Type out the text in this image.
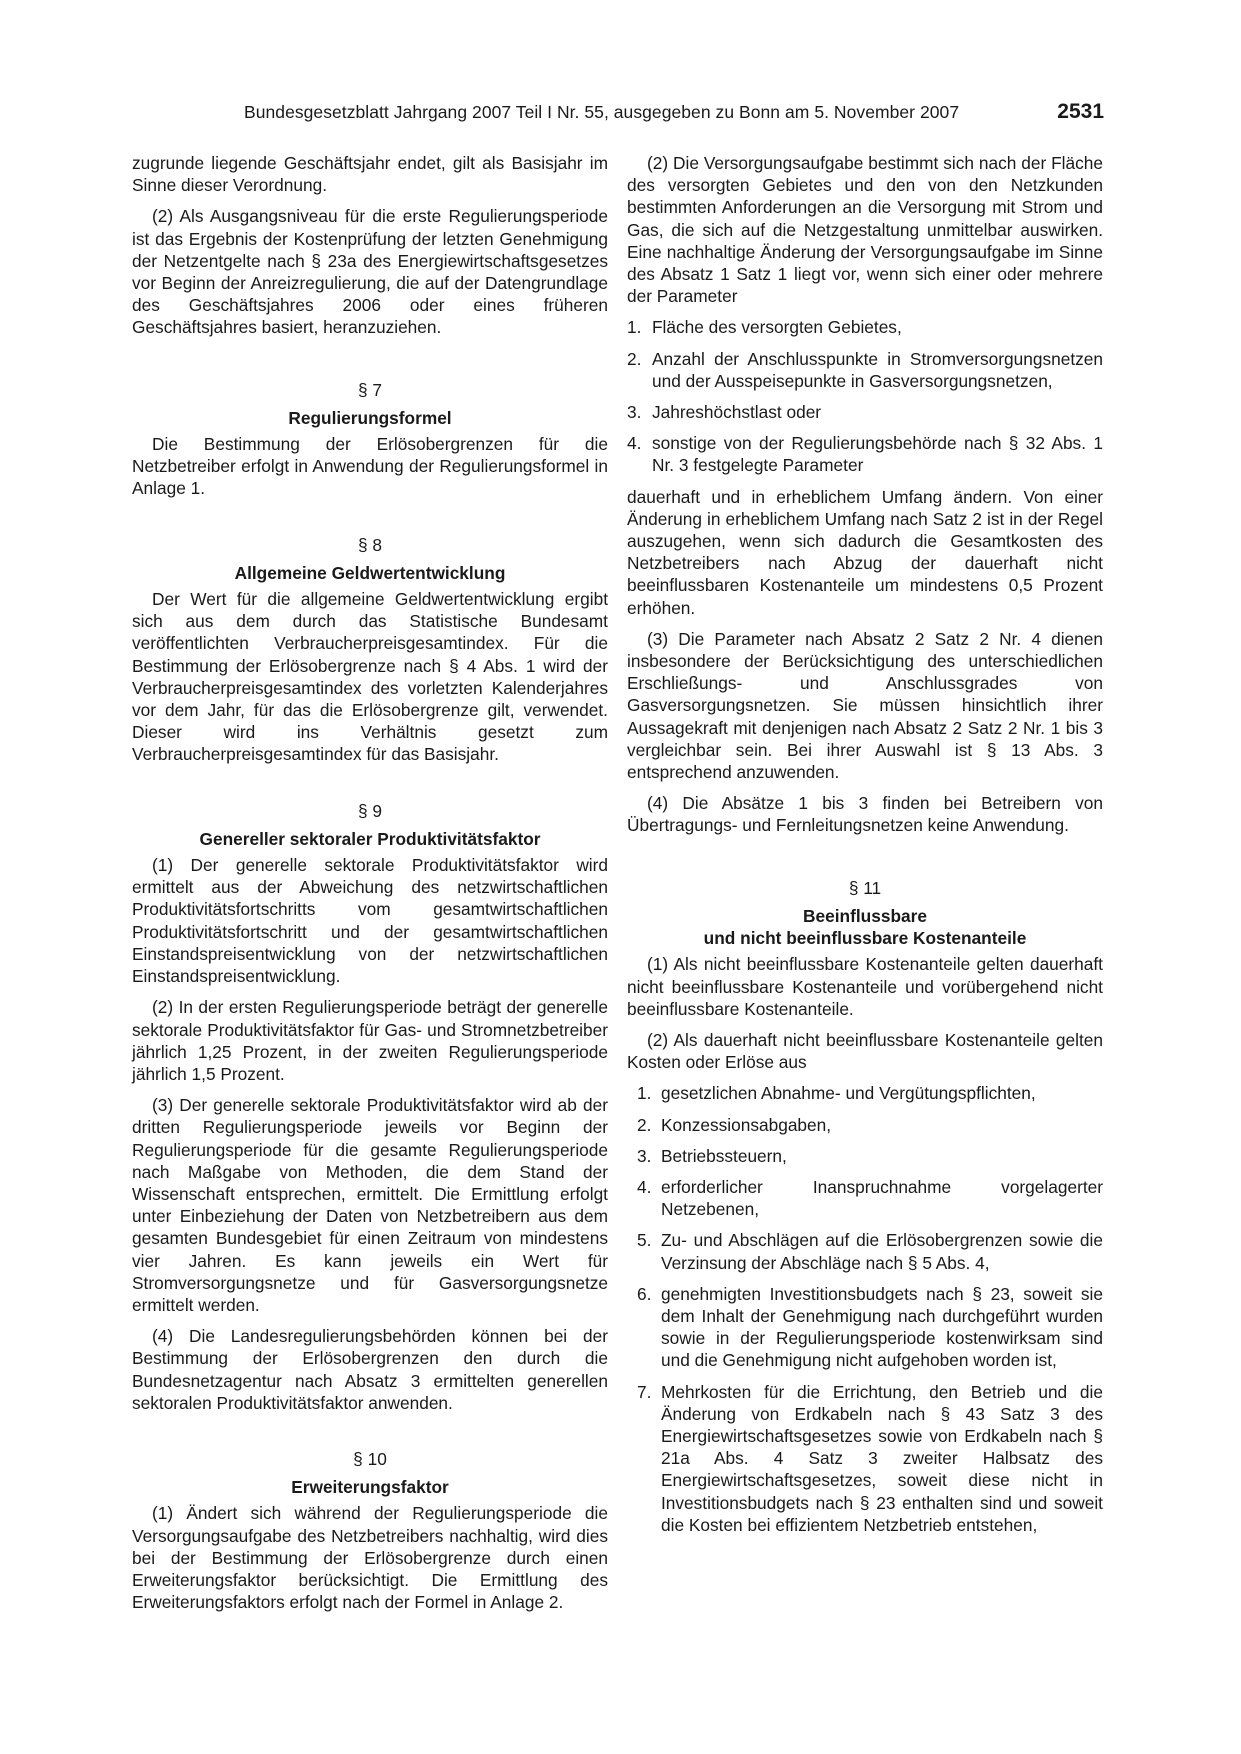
Bundesgesetzblatt Jahrgang 2007 Teil I Nr. 55, ausgegeben zu Bonn am 5. November 2007	2531

zugrunde liegende Geschäftsjahr endet, gilt als Basisjahr im Sinne dieser Verordnung.

(2) Als Ausgangsniveau für die erste Regulierungsperiode ist das Ergebnis der Kostenprüfung der letzten Genehmigung der Netzentgelte nach § 23a des Energiewirtschaftsgesetzes vor Beginn der Anreizregulierung, die auf der Datengrundlage des Geschäftsjahres 2006 oder eines früheren Geschäftsjahres basiert, heranzuziehen.

§ 7
Regulierungsformel

Die Bestimmung der Erlösobergrenzen für die Netzbetreiber erfolgt in Anwendung der Regulierungsformel in Anlage 1.

§ 8
Allgemeine Geldwertentwicklung

Der Wert für die allgemeine Geldwertentwicklung ergibt sich aus dem durch das Statistische Bundesamt veröffentlichten Verbraucherpreisgesamtindex. Für die Bestimmung der Erlösobergrenze nach § 4 Abs. 1 wird der Verbraucherpreisgesamtindex des vorletzten Kalenderjahres vor dem Jahr, für das die Erlösobergrenze gilt, verwendet. Dieser wird ins Verhältnis gesetzt zum Verbraucherpreisgesamtindex für das Basisjahr.

§ 9
Genereller sektoraler Produktivitätsfaktor

(1) Der generelle sektorale Produktivitätsfaktor wird ermittelt aus der Abweichung des netzwirtschaftlichen Produktivitätsfortschritts vom gesamtwirtschaftlichen Produktivitätsfortschritt und der gesamtwirtschaftlichen Einstandspreisentwicklung von der netzwirtschaftlichen Einstandspreisentwicklung.

(2) In der ersten Regulierungsperiode beträgt der generelle sektorale Produktivitätsfaktor für Gas- und Stromnetzbetreiber jährlich 1,25 Prozent, in der zweiten Regulierungsperiode jährlich 1,5 Prozent.

(3) Der generelle sektorale Produktivitätsfaktor wird ab der dritten Regulierungsperiode jeweils vor Beginn der Regulierungsperiode für die gesamte Regulierungsperiode nach Maßgabe von Methoden, die dem Stand der Wissenschaft entsprechen, ermittelt. Die Ermittlung erfolgt unter Einbeziehung der Daten von Netzbetreibern aus dem gesamten Bundesgebiet für einen Zeitraum von mindestens vier Jahren. Es kann jeweils ein Wert für Stromversorgungsnetze und für Gasversorgungsnetze ermittelt werden.

(4) Die Landesregulierungsbehörden können bei der Bestimmung der Erlösobergrenzen den durch die Bundesnetzagentur nach Absatz 3 ermittelten generellen sektoralen Produktivitätsfaktor anwenden.

§ 10
Erweiterungsfaktor

(1) Ändert sich während der Regulierungsperiode die Versorgungsaufgabe des Netzbetreibers nachhaltig, wird dies bei der Bestimmung der Erlösobergrenze durch einen Erweiterungsfaktor berücksichtigt. Die Ermittlung des Erweiterungsfaktors erfolgt nach der Formel in Anlage 2.

(2) Die Versorgungsaufgabe bestimmt sich nach der Fläche des versorgten Gebietes und den von den Netzkunden bestimmten Anforderungen an die Versorgung mit Strom und Gas, die sich auf die Netzgestaltung unmittelbar auswirken. Eine nachhaltige Änderung der Versorgungsaufgabe im Sinne des Absatz 1 Satz 1 liegt vor, wenn sich einer oder mehrere der Parameter

1. Fläche des versorgten Gebietes,
2. Anzahl der Anschlusspunkte in Stromversorgungsnetzen und der Ausspeisepunkte in Gasversorgungsnetzen,
3. Jahreshöchstlast oder
4. sonstige von der Regulierungsbehörde nach § 32 Abs. 1 Nr. 3 festgelegte Parameter

dauerhaft und in erheblichem Umfang ändern. Von einer Änderung in erheblichem Umfang nach Satz 2 ist in der Regel auszugehen, wenn sich dadurch die Gesamtkosten des Netzbetreibers nach Abzug der dauerhaft nicht beeinflussbaren Kostenanteile um mindestens 0,5 Prozent erhöhen.

(3) Die Parameter nach Absatz 2 Satz 2 Nr. 4 dienen insbesondere der Berücksichtigung des unterschiedlichen Erschließungs- und Anschlussgrades von Gasversorgungsnetzen. Sie müssen hinsichtlich ihrer Aussagekraft mit denjenigen nach Absatz 2 Satz 2 Nr. 1 bis 3 vergleichbar sein. Bei ihrer Auswahl ist § 13 Abs. 3 entsprechend anzuwenden.

(4) Die Absätze 1 bis 3 finden bei Betreibern von Übertragungs- und Fernleitungsnetzen keine Anwendung.

§ 11
Beeinflussbare
und nicht beeinflussbare Kostenanteile

(1) Als nicht beeinflussbare Kostenanteile gelten dauerhaft nicht beeinflussbare Kostenanteile und vorübergehend nicht beeinflussbare Kostenanteile.

(2) Als dauerhaft nicht beeinflussbare Kostenanteile gelten Kosten oder Erlöse aus

1. gesetzlichen Abnahme- und Vergütungspflichten,
2. Konzessionsabgaben,
3. Betriebssteuern,
4. erforderlicher Inanspruchnahme vorgelagerter Netzebenen,
5. Zu- und Abschlägen auf die Erlösobergrenzen sowie die Verzinsung der Abschläge nach § 5 Abs. 4,
6. genehmigten Investitionsbudgets nach § 23, soweit sie dem Inhalt der Genehmigung nach durchgeführt wurden sowie in der Regulierungsperiode kostenwirksam sind und die Genehmigung nicht aufgehoben worden ist,
7. Mehrkosten für die Errichtung, den Betrieb und die Änderung von Erdkabeln nach § 43 Satz 3 des Energiewirtschaftsgesetzes sowie von Erdkabeln nach § 21a Abs. 4 Satz 3 zweiter Halbsatz des Energiewirtschaftsgesetzes, soweit diese nicht in Investitionsbudgets nach § 23 enthalten sind und soweit die Kosten bei effizientem Netzbetrieb entstehen,
